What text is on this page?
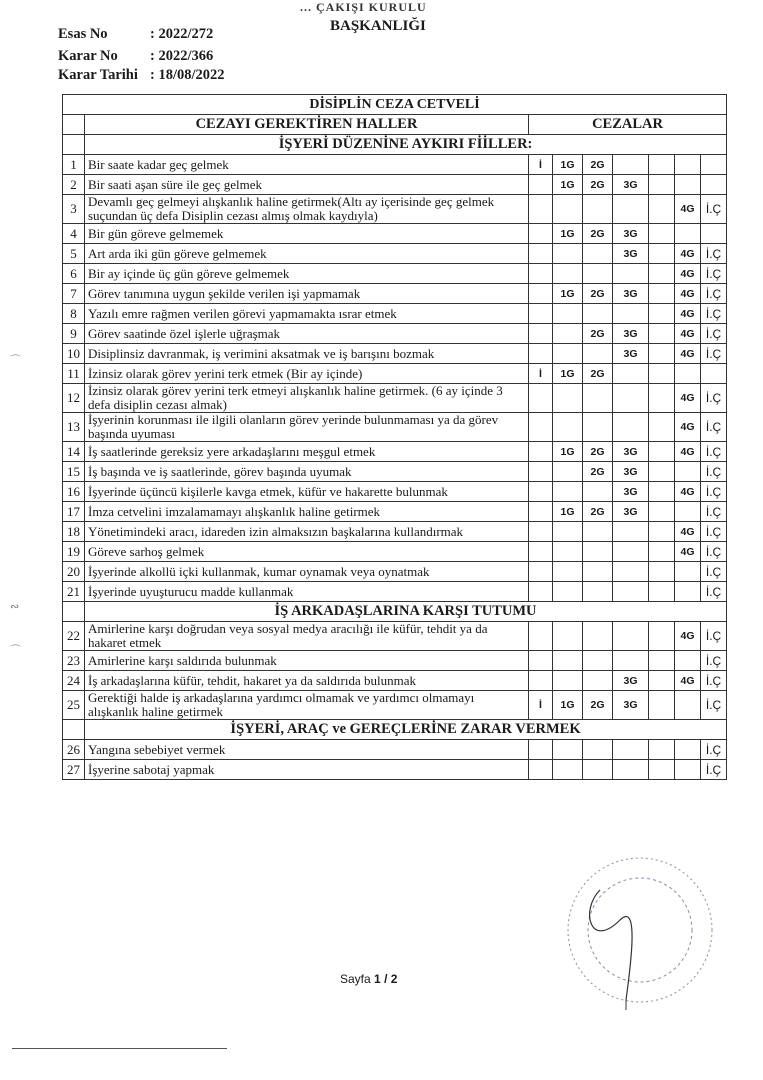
... ÇAKIŞI KURULU
BAŞKANLIĞI
Esas No	: 2022/272
Karar No : 2022/366
Karar Tarihi : 18/08/2022
DİSİPLİN CEZA CETVELİ								
	CEZAYI GEREKTİREN HALLER	CEZALAR						
	İŞYERİ DÜZENİNE AYKIRI FİİLLER:							
1	Bir saate kadar geç gelmek	İ	1G	2G				
2	Bir saati aşan süre ile geç gelmek		1G	2G	3G			
3	Devamlı geç gelmeyi alışkanlık haline getirmek(Altı ay içerisinde geç gelmek suçundan üç defa Disiplin cezası almış olmak kaydıyla)						4G	İ.Ç
4	Bir gün göreve gelmemek		1G	2G	3G			
5	Art arda iki gün göreve gelmemek				3G		4G	İ.Ç
6	Bir ay içinde üç gün göreve gelmemek						4G	İ.Ç
7	Görev tanımına uygun şekilde verilen işi yapmamak		1G	2G	3G		4G	İ.Ç
8	Yazılı emre rağmen verilen görevi yapmamakta ısrar etmek						4G	İ.Ç
9	Görev saatinde özel işlerle uğraşmak			2G	3G		4G	İ.Ç
10	Disiplinsiz davranmak, iş verimini aksatmak ve iş barışını bozmak				3G		4G	İ.Ç
11	İzinsiz olarak görev yerini terk etmek (Bir ay içinde)	İ	1G	2G				
12	İzinsiz olarak görev yerini terk etmeyi alışkanlık haline getirmek. (6 ay içinde 3 defa disiplin cezası almak)						4G	İ.Ç
13	İşyerinin korunması ile ilgili olanların görev yerinde bulunmaması ya da görev başında uyuması						4G	İ.Ç
14	İş saatlerinde gereksiz yere arkadaşlarını meşgul etmek		1G	2G	3G		4G	İ.Ç
15	İş başında ve iş saatlerinde, görev başında uyumak			2G	3G			İ.Ç
16	İşyerinde üçüncü kişilerle kavga etmek, küfür ve hakarette bulunmak				3G		4G	İ.Ç
17	İmza cetvelini imzalamamayı alışkanlık haline getirmek		1G	2G	3G			İ.Ç
18	Yönetimindeki aracı, idareden izin almaksızın başkalarına kullandırmak						4G	İ.Ç
19	Göreve sarhoş gelmek						4G	İ.Ç
20	İşyerinde alkollü içki kullanmak, kumar oynamak veya oynatmak							İ.Ç
21	İşyerinde uyuşturucu madde kullanmak							İ.Ç
	İŞ ARKADAŞLARINA KARŞI TUTUMU							
22	Amirlerine karşı doğrudan veya sosyal medya aracılığı ile küfür, tehdit ya da hakaret etmek						4G	İ.Ç
23	Amirlerine karşı saldırıda bulunmak							İ.Ç
24	İş arkadaşlarına küfür, tehdit, hakaret ya da saldırıda bulunmak				3G		4G	İ.Ç
25	Gerektiği halde iş arkadaşlarına yardımcı olmamak ve yardımcı olmamayı alışkanlık haline getirmek	İ	1G	2G	3G			İ.Ç
	İŞYERİ, ARAÇ ve GEREÇLERİNE ZARAR VERMEK							
26	Yangına sebebiyet vermek							İ.Ç
27	İşyerine sabotaj yapmak							İ.Ç
Sayfa 1 / 2
⌒
∾
⌒
